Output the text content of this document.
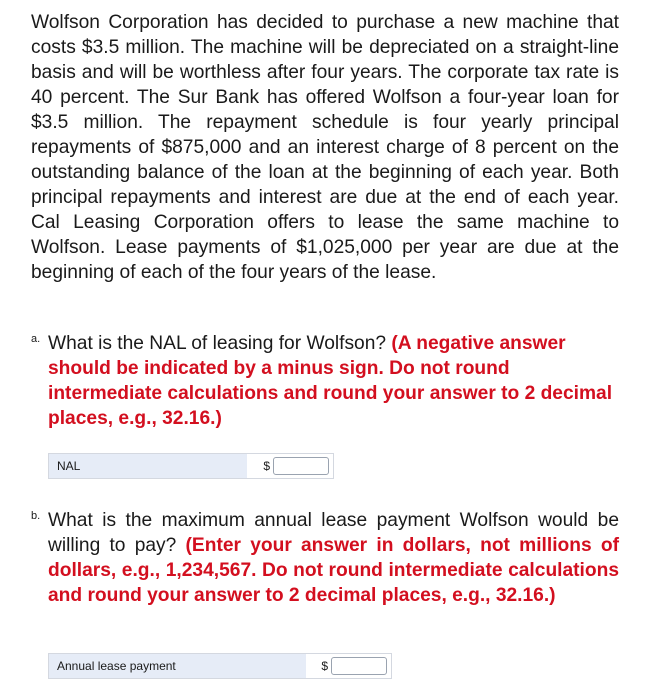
Wolfson Corporation has decided to purchase a new machine that costs $3.5 million. The machine will be depreciated on a straight-line basis and will be worthless after four years. The corporate tax rate is 40 percent. The Sur Bank has offered Wolfson a four-year loan for $3.5 million. The repayment schedule is four yearly principal repayments of $875,000 and an interest charge of 8 percent on the outstanding balance of the loan at the beginning of each year. Both principal repayments and interest are due at the end of each year. Cal Leasing Corporation offers to lease the same machine to Wolfson. Lease payments of $1,025,000 per year are due at the beginning of each of the four years of the lease.

a. What is the NAL of leasing for Wolfson? (A negative answer should be indicated by a minus sign. Do not round intermediate calculations and round your answer to 2 decimal places, e.g., 32.16.)

NAL	$
b. What is the maximum annual lease payment Wolfson would be willing to pay? (Enter your answer in dollars, not millions of dollars, e.g., 1,234,567. Do not round intermediate calculations and round your answer to 2 decimal places, e.g., 32.16.)

Annual lease payment	$
